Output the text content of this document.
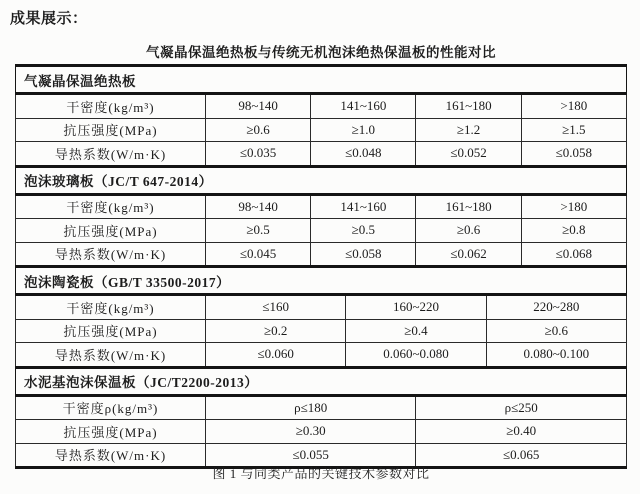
成果展示：
气凝晶保温绝热板与传统无机泡沫绝热保温板的性能对比
气凝晶保温绝热板						
干密度(kg/m³)	98~140	141~160		161~180		>180
抗压强度(MPa)	≥0.6	≥1.0		≥1.2		≥1.5
导热系数(W/m·K)	≤0.035	≤0.048		≤0.052		≤0.058
泡沫玻璃板（JC/T 647-2014）						
干密度(kg/m³)	98~140	141~160		161~180		>180
抗压强度(MPa)	≥0.5	≥0.5		≥0.6		≥0.8
导热系数(W/m·K)	≤0.045	≤0.058		≤0.062		≤0.068
泡沫陶瓷板（GB/T 33500-2017）						
干密度(kg/m³)	≤160		160~220		220~280	
抗压强度(MPa)	≥0.2		≥0.4		≥0.6	
导热系数(W/m·K)	≤0.060		0.060~0.080		0.080~0.100	
水泥基泡沫保温板（JC/T2200-2013）						
干密度ρ(kg/m³)	ρ≤180			ρ≤250		
抗压强度(MPa)	≥0.30			≥0.40		
导热系数(W/m·K)	≤0.055			≤0.065		
图 1 与同类产品的关键技术参数对比
